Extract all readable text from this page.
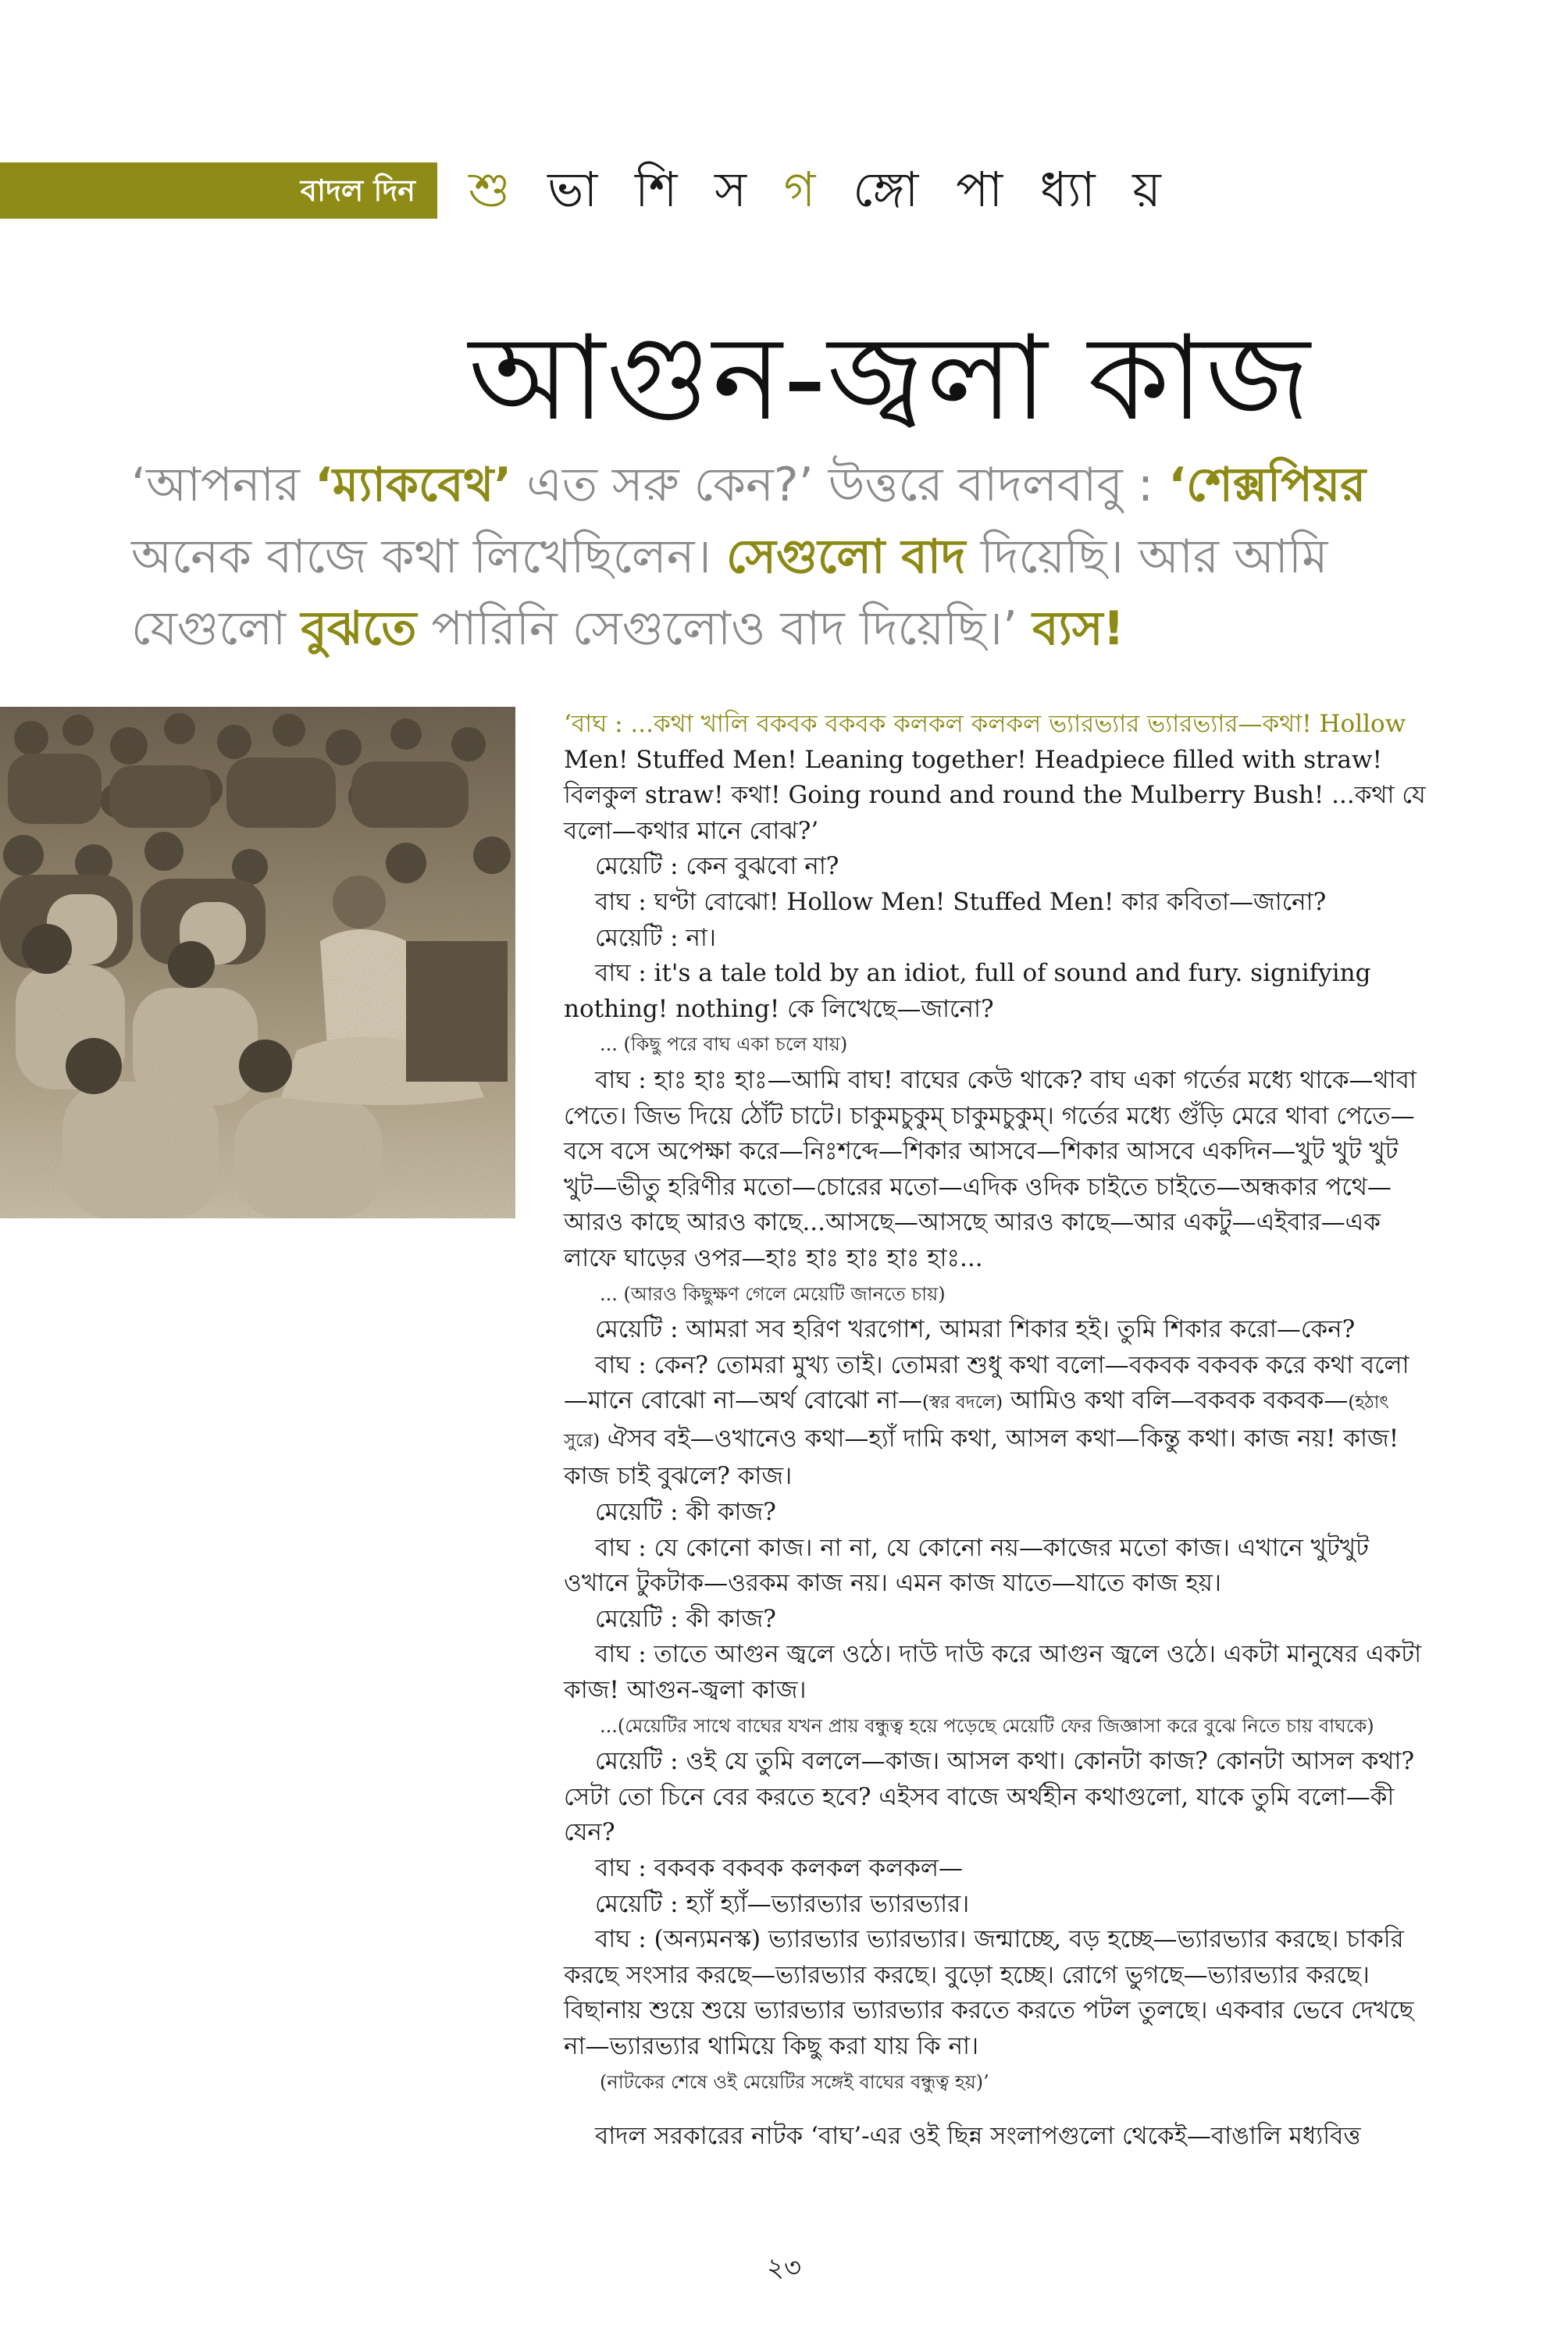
বাদল দিন শু ভা শি স গ ঙ্গো পা ধ্যা য়
আগুন-জ্বলা কাজ

‘আপনার ‘ম্যাকবেথ’ এত সরু কেন?’ উত্তরে বাদলবাবু : ‘শেক্সপিয়র
অনেক বাজে কথা লিখেছিলেন। সেগুলো বাদ দিয়েছি। আর আমি
যেগুলো বুঝতে পারিনি সেগুলোও বাদ দিয়েছি।’ ব্যস!

‘বাঘ : ...কথা খালি বকবক বকবক কলকল কলকল ভ্যারভ্যার ভ্যারভ্যার—কথা! Hollow
Men! Stuffed Men! Leaning together! Headpiece filled with straw! বিলকুল straw! কথা! Going round and round the Mulberry Bush! ...কথা যে বলো—কথার মানে বোঝ?’

মেয়েটি : কেন বুঝবো না?

বাঘ : ঘণ্টা বোঝো! Hollow Men! Stuffed Men! কার কবিতা—জানো?

মেয়েটি : না।

বাঘ : it's a tale told by an idiot, full of sound and fury. signifying nothing! nothing! কে লিখেছে—জানো?

... (কিছু পরে বাঘ একা চলে যায়)

বাঘ : হাঃ হাঃ হাঃ—আমি বাঘ! বাঘের কেউ থাকে? বাঘ একা গর্তের মধ্যে থাকে—থাবা পেতে। জিভ দিয়ে ঠোঁট চাটে। চাকুমচুকুম্ চাকুমচুকুম্। গর্তের মধ্যে গুঁড়ি মেরে থাবা পেতে—বসে বসে অপেক্ষা করে—নিঃশব্দে—শিকার আসবে—শিকার আসবে একদিন—খুট খুট খুট খুট—ভীতু হরিণীর মতো—চোরের মতো—এদিক ওদিক চাইতে চাইতে—অন্ধকার পথে—আরও কাছে আরও কাছে...আসছে—আসছে আরও কাছে—আর একটু—এইবার—এক লাফে ঘাড়ের ওপর—হাঃ হাঃ হাঃ হাঃ হাঃ...

... (আরও কিছুক্ষণ গেলে মেয়েটি জানতে চায়)

মেয়েটি : আমরা সব হরিণ খরগোশ, আমরা শিকার হই। তুমি শিকার করো—কেন?

বাঘ : কেন? তোমরা মুখ্য তাই। তোমরা শুধু কথা বলো—বকবক বকবক করে কথা বলো—মানে বোঝো না—অর্থ বোঝো না—(স্বর বদলে) আমিও কথা বলি—বকবক বকবক—(হঠাৎ সুরে) ঐসব বই—ওখানেও কথা—হ্যাঁ দামি কথা, আসল কথা—কিন্তু কথা। কাজ নয়! কাজ! কাজ চাই বুঝলে? কাজ।

মেয়েটি : কী কাজ?

বাঘ : যে কোনো কাজ। না না, যে কোনো নয়—কাজের মতো কাজ। এখানে খুটখুট ওখানে টুকটাক—ওরকম কাজ নয়। এমন কাজ যাতে—যাতে কাজ হয়।

মেয়েটি : কী কাজ?

বাঘ : তাতে আগুন জ্বলে ওঠে। দাউ দাউ করে আগুন জ্বলে ওঠে। একটা মানুষের একটা কাজ! আগুন-জ্বলা কাজ।

...(মেয়েটির সাথে বাঘের যখন প্রায় বন্ধুত্ব হয়ে পড়েছে মেয়েটি ফের জিজ্ঞাসা করে বুঝে নিতে চায় বাঘকে)

মেয়েটি : ওই যে তুমি বললে—কাজ। আসল কথা। কোনটা কাজ? কোনটা আসল কথা? সেটা তো চিনে বের করতে হবে? এইসব বাজে অর্থহীন কথাগুলো, যাকে তুমি বলো—কী যেন?

বাঘ : বকবক বকবক কলকল কলকল—

মেয়েটি : হ্যাঁ হ্যাঁ—ভ্যারভ্যার ভ্যারভ্যার।

বাঘ : (অন্যমনস্ক) ভ্যারভ্যার ভ্যারভ্যার। জন্মাচ্ছে, বড় হচ্ছে—ভ্যারভ্যার করছে। চাকরি করছে সংসার করছে—ভ্যারভ্যার করছে। বুড়ো হচ্ছে। রোগে ভুগছে—ভ্যারভ্যার করছে। বিছানায় শুয়ে শুয়ে ভ্যারভ্যার ভ্যারভ্যার করতে করতে পটল তুলছে। একবার ভেবে দেখছে না—ভ্যারভ্যার থামিয়ে কিছু করা যায় কি না।

(নাটকের শেষে ওই মেয়েটির সঙ্গেই বাঘের বন্ধুত্ব হয়)’

বাদল সরকারের নাটক ‘বাঘ’-এর ওই ছিন্ন সংলাপগুলো থেকেই—বাঙালি মধ্যবিত্ত

২৩
